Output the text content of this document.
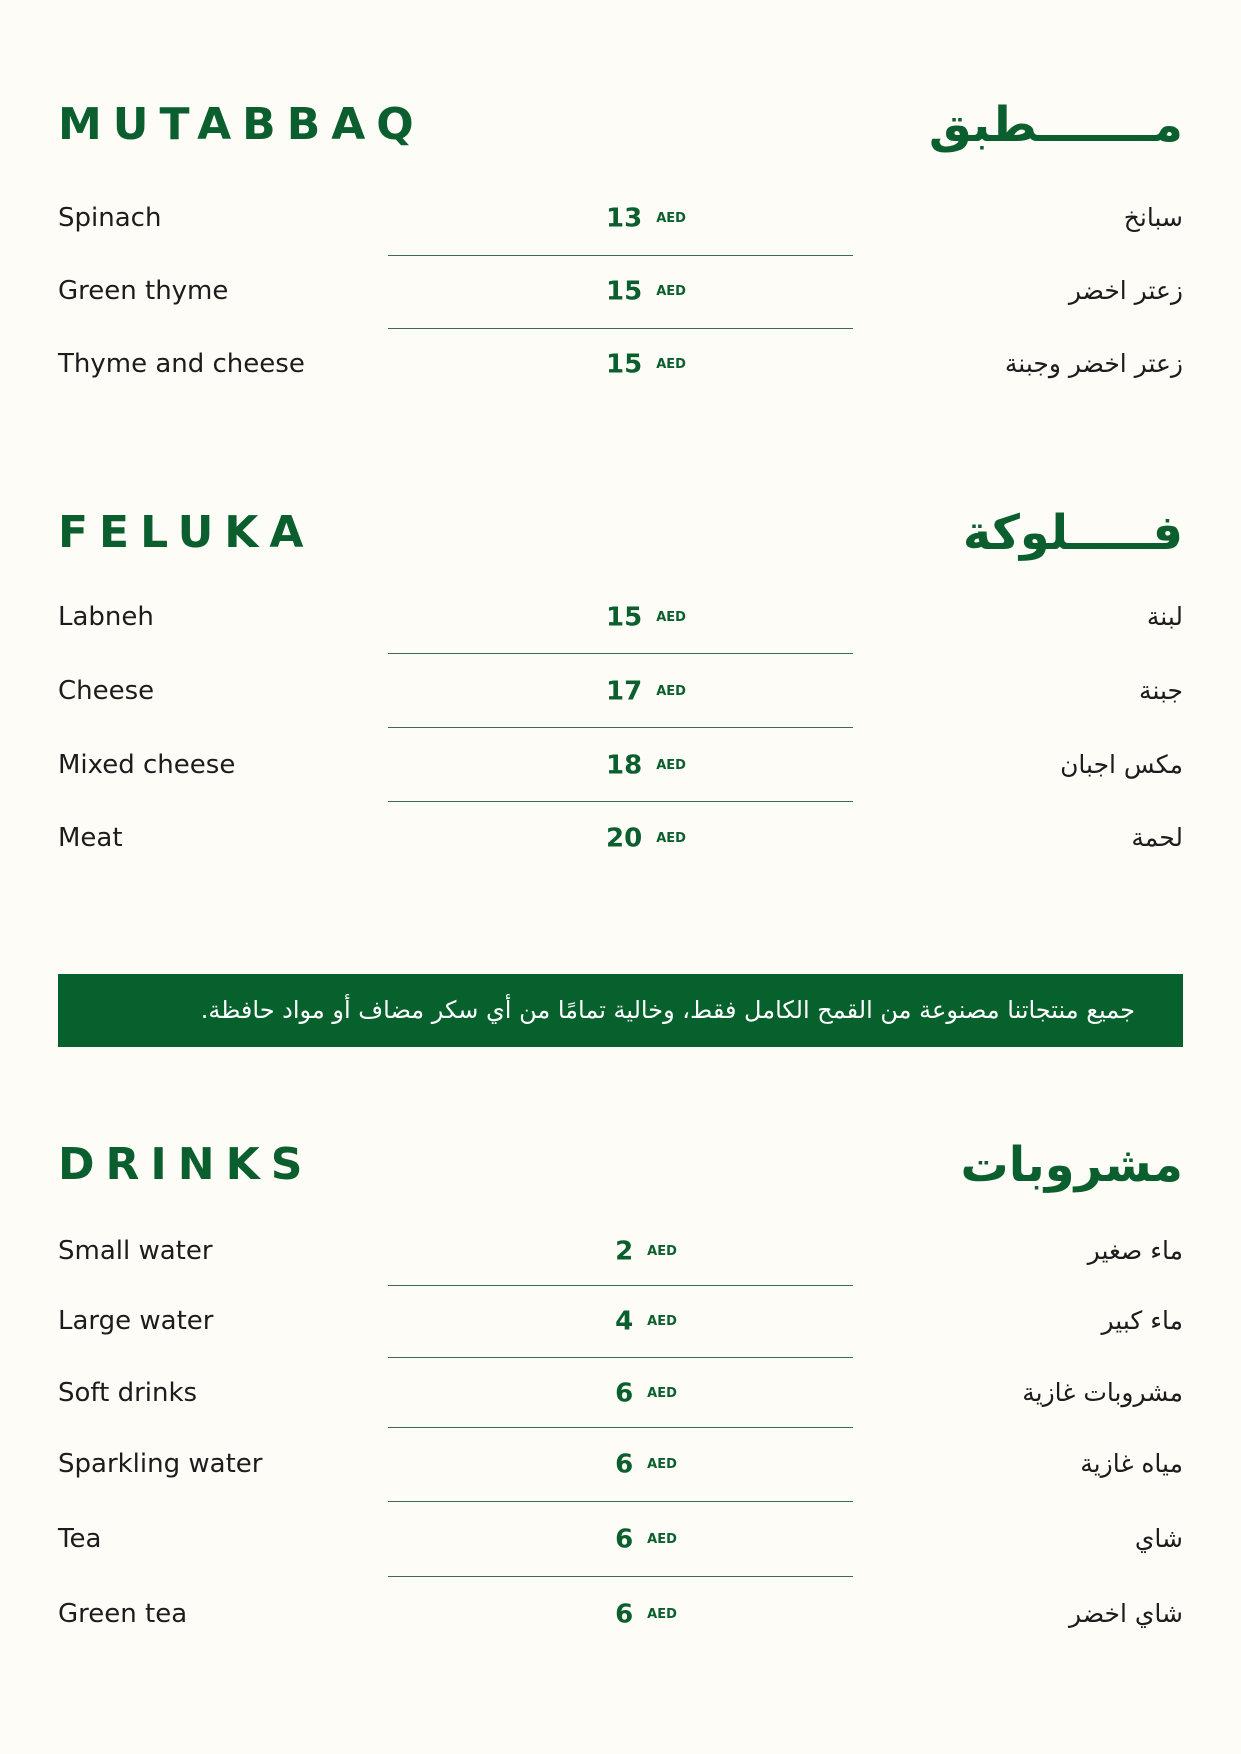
MUTABBAQ	مـــــــطبق
Spinach	13 AED	سبانخ
Green thyme	15 AED	زعتر اخضر
Thyme and cheese	15 AED	زعتر اخضر وجبنة
FELUKA	فـــــلوكة
Labneh	15 AED	لبنة
Cheese	17 AED	جبنة
Mixed cheese	18 AED	مكس اجبان
Meat	20 AED	لحمة
جميع منتجاتنا مصنوعة من القمح الكامل فقط، وخالية تمامًا من أي سكر مضاف أو مواد حافظة.
DRINKS	مشروبات
Small water	2 AED	ماء صغير
Large water	4 AED	ماء كبير
Soft drinks	6 AED	مشروبات غازية
Sparkling water	6 AED	مياه غازية
Tea	6 AED	شاي
Green tea	6 AED	شاي اخضر
